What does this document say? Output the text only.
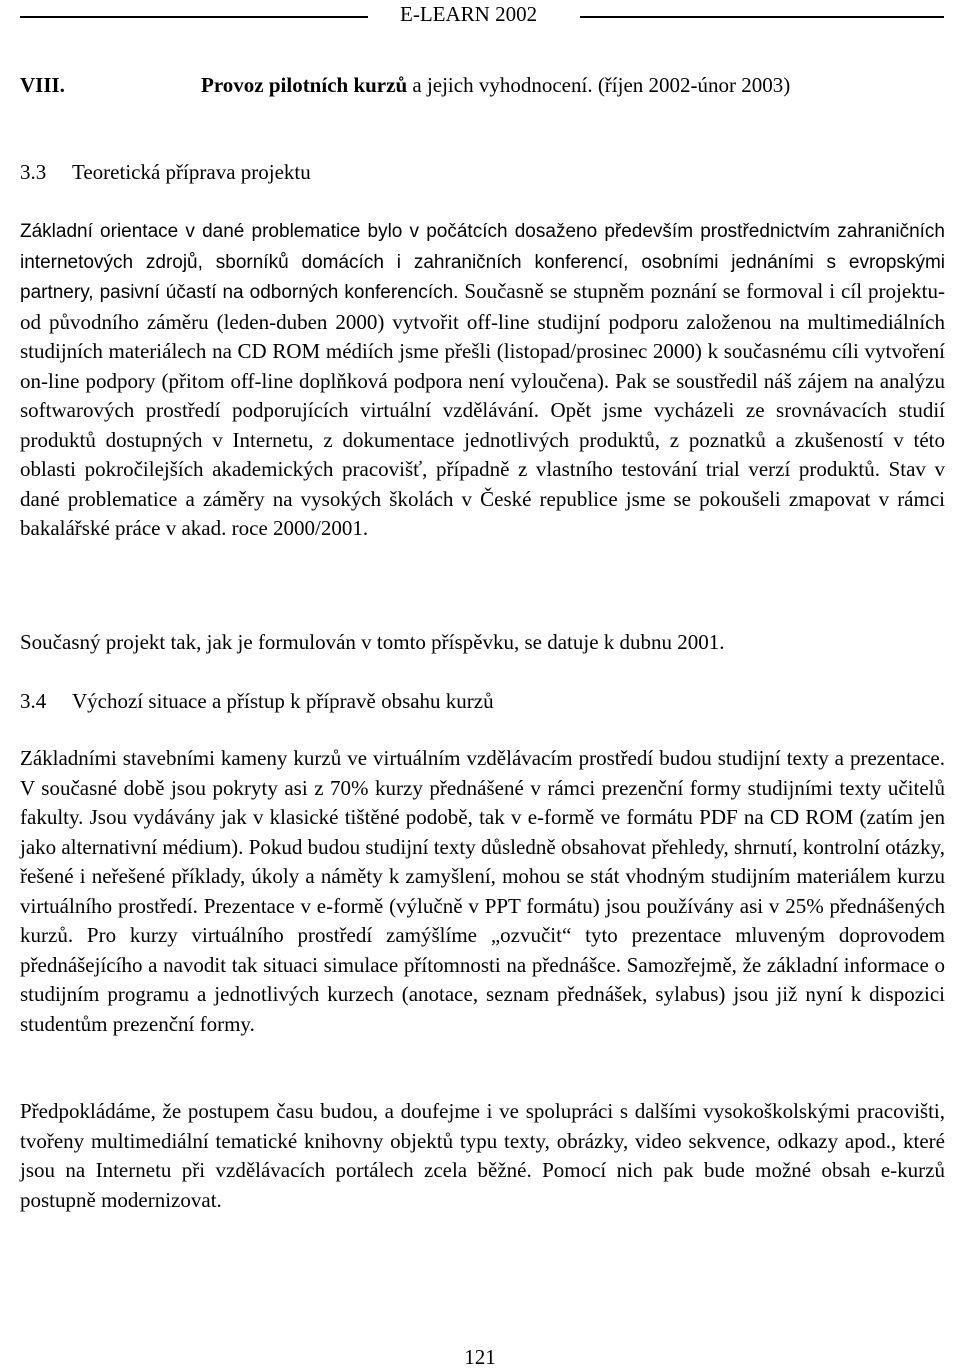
E-LEARN 2002
VIII.	Provoz pilotních kurzů a jejich vyhodnocení. (říjen 2002-únor 2003)
3.3 Teoretická příprava projektu

Základní orientace v dané problematice bylo v počátcích dosaženo především prostřednictvím zahraničních internetových zdrojů, sborníků domácích i zahraničních konferencí, osobními jednáními s evropskými partnery, pasivní účastí na odborných konferencích. Současně se stupněm poznání se formoval i cíl projektu- od původního záměru (leden-duben 2000) vytvořit off-line studijní podporu založenou na multimediálních studijních materiálech na CD ROM médiích jsme přešli (listopad/prosinec 2000) k současnému cíli vytvoření on-line podpory (přitom off-line doplňková podpora není vyloučena). Pak se soustředil náš zájem na analýzu softwarových prostředí podporujících virtuální vzdělávání. Opět jsme vycházeli ze srovnávacích studií produktů dostupných v Internetu, z dokumentace jednotlivých produktů, z poznatků a zkušeností v této oblasti pokročilejších akademických pracovišť, případně z vlastního testování trial verzí produktů. Stav v dané problematice a záměry na vysokých školách v České republice jsme se pokoušeli zmapovat v rámci bakalářské práce v akad. roce 2000/2001.

Současný projekt tak, jak je formulován v tomto příspěvku, se datuje k dubnu 2001.

3.4 Výchozí situace a přístup k přípravě obsahu kurzů

Základními stavebními kameny kurzů ve virtuálním vzdělávacím prostředí budou studijní texty a prezentace. V současné době jsou pokryty asi z 70% kurzy přednášené v rámci prezenční formy studijními texty učitelů fakulty. Jsou vydávány jak v klasické tištěné podobě, tak v e-formě ve formátu PDF na CD ROM (zatím jen jako alternativní médium). Pokud budou studijní texty důsledně obsahovat přehledy, shrnutí, kontrolní otázky, řešené i neřešené příklady, úkoly a náměty k zamyšlení, mohou se stát vhodným studijním materiálem kurzu virtuálního prostředí. Prezentace v e-formě (výlučně v PPT formátu) jsou používány asi v 25% přednášených kurzů. Pro kurzy virtuálního prostředí zamýšlíme „ozvučit“ tyto prezentace mluveným doprovodem přednášejícího a navodit tak situaci simulace přítomnosti na přednášce. Samozřejmě, že základní informace o studijním programu a jednotlivých kurzech (anotace, seznam přednášek, sylabus) jsou již nyní k dispozici studentům prezenční formy.

Předpokládáme, že postupem času budou, a doufejme i ve spolupráci s dalšími vysokoškolskými pracovišti, tvořeny multimediální tematické knihovny objektů typu texty, obrázky, video sekvence, odkazy apod., které jsou na Internetu při vzdělávacích portálech zcela běžné. Pomocí nich pak bude možné obsah e-kurzů postupně modernizovat.

121
